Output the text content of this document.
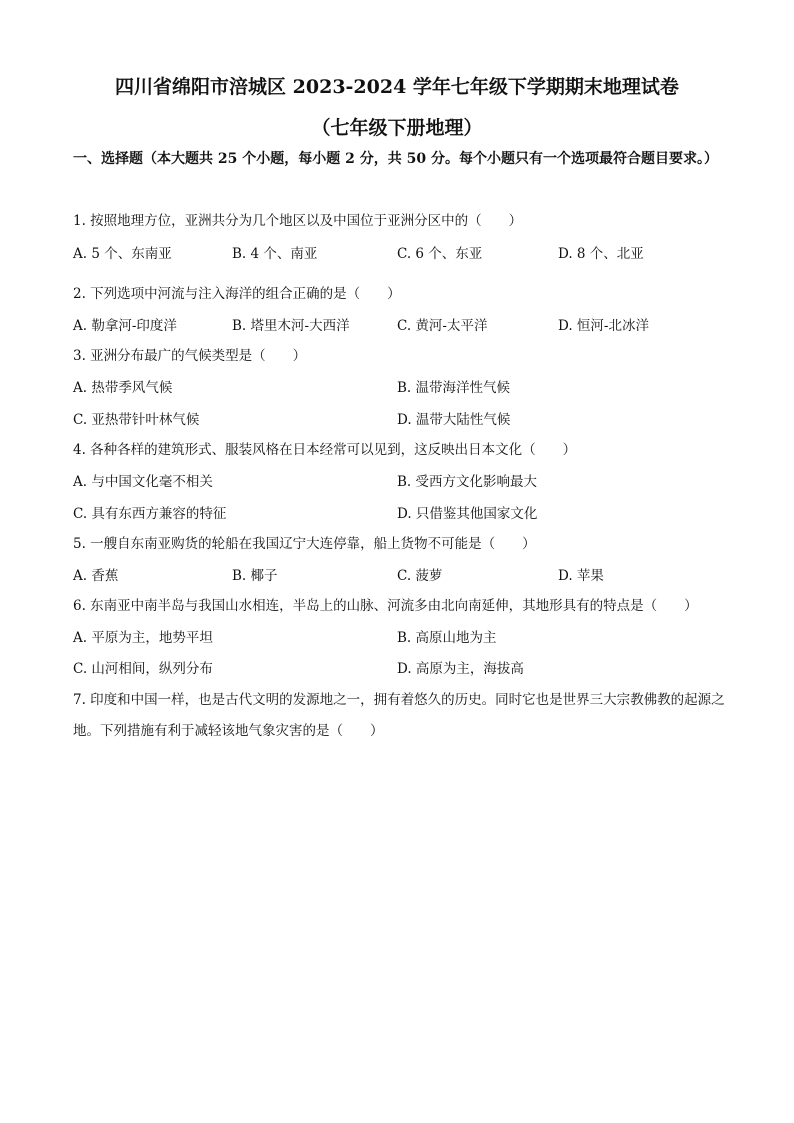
四川省绵阳市涪城区 2023-2024 学年七年级下学期期末地理试卷
（七年级下册地理）
一、选择题（本大题共 25 个小题，每小题 2 分，共 50 分。每个小题只有一个选项最符合题目要求。）
1. 按照地理方位，亚洲共分为几个地区以及中国位于亚洲分区中的（　　）
A. 5 个、东南亚	B. 4 个、南亚	C. 6 个、东亚	D. 8 个、北亚
2. 下列选项中河流与注入海洋的组合正确的是（　　）
A. 勒拿河-印度洋	B. 塔里木河-大西洋	C. 黄河-太平洋	D. 恒河-北冰洋
3. 亚洲分布最广的气候类型是（　　）
A. 热带季风气候	B. 温带海洋性气候
C. 亚热带针叶林气候	D. 温带大陆性气候
4. 各种各样的建筑形式、服装风格在日本经常可以见到，这反映出日本文化（　　）
A. 与中国文化毫不相关	B. 受西方文化影响最大
C. 具有东西方兼容的特征	D. 只借鉴其他国家文化
5. 一艘自东南亚购货的轮船在我国辽宁大连停靠，船上货物不可能是（　　）
A. 香蕉	B. 椰子	C. 菠萝	D. 苹果
6. 东南亚中南半岛与我国山水相连，半岛上的山脉、河流多由北向南延伸，其地形具有的特点是（　　）
A. 平原为主，地势平坦	B. 高原山地为主
C. 山河相间，纵列分布	D. 高原为主，海拔高
7. 印度和中国一样，也是古代文明的发源地之一，拥有着悠久的历史。同时它也是世界三大宗教佛教的起源之地。下列措施有利于减轻该地气象灾害的是（　　）
